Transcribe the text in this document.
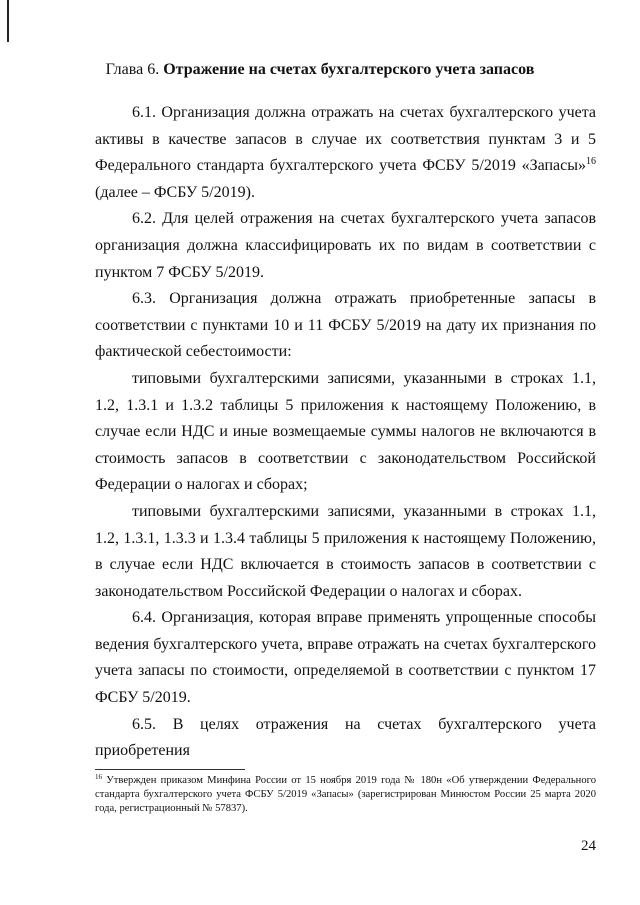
Глава 6. Отражение на счетах бухгалтерского учета запасов

6.1. Организация должна отражать на счетах бухгалтерского учета активы в качестве запасов в случае их соответствия пунктам 3 и 5 Федерального стандарта бухгалтерского учета ФСБУ 5/2019 «Запасы»$^{16}$ (далее – ФСБУ 5/2019).

6.2. Для целей отражения на счетах бухгалтерского учета запасов организация должна классифицировать их по видам в соответствии с пунктом 7 ФСБУ 5/2019.

6.3. Организация должна отражать приобретенные запасы в соответствии с пунктами 10 и 11 ФСБУ 5/2019 на дату их признания по фактической себестоимости:

типовыми бухгалтерскими записями, указанными в строках 1.1, 1.2, 1.3.1 и 1.3.2 таблицы 5 приложения к настоящему Положению, в случае если НДС и иные возмещаемые суммы налогов не включаются в стоимость запасов в соответствии с законодательством Российской Федерации о налогах и сборах;

типовыми бухгалтерскими записями, указанными в строках 1.1, 1.2, 1.3.1, 1.3.3 и 1.3.4 таблицы 5 приложения к настоящему Положению, в случае если НДС включается в стоимость запасов в соответствии с законодательством Российской Федерации о налогах и сборах.

6.4. Организация, которая вправе применять упрощенные способы ведения бухгалтерского учета, вправе отражать на счетах бухгалтерского учета запасы по стоимости, определяемой в соответствии с пунктом 17 ФСБУ 5/2019.

6.5. В целях отражения на счетах бухгалтерского учета приобретения

$^{16}$ Утвержден приказом Минфина России от 15 ноября 2019 года № 180н «Об утверждении Федерального стандарта бухгалтерского учета ФСБУ 5/2019 «Запасы» (зарегистрирован Минюстом России 25 марта 2020 года, регистрационный № 57837).
24
